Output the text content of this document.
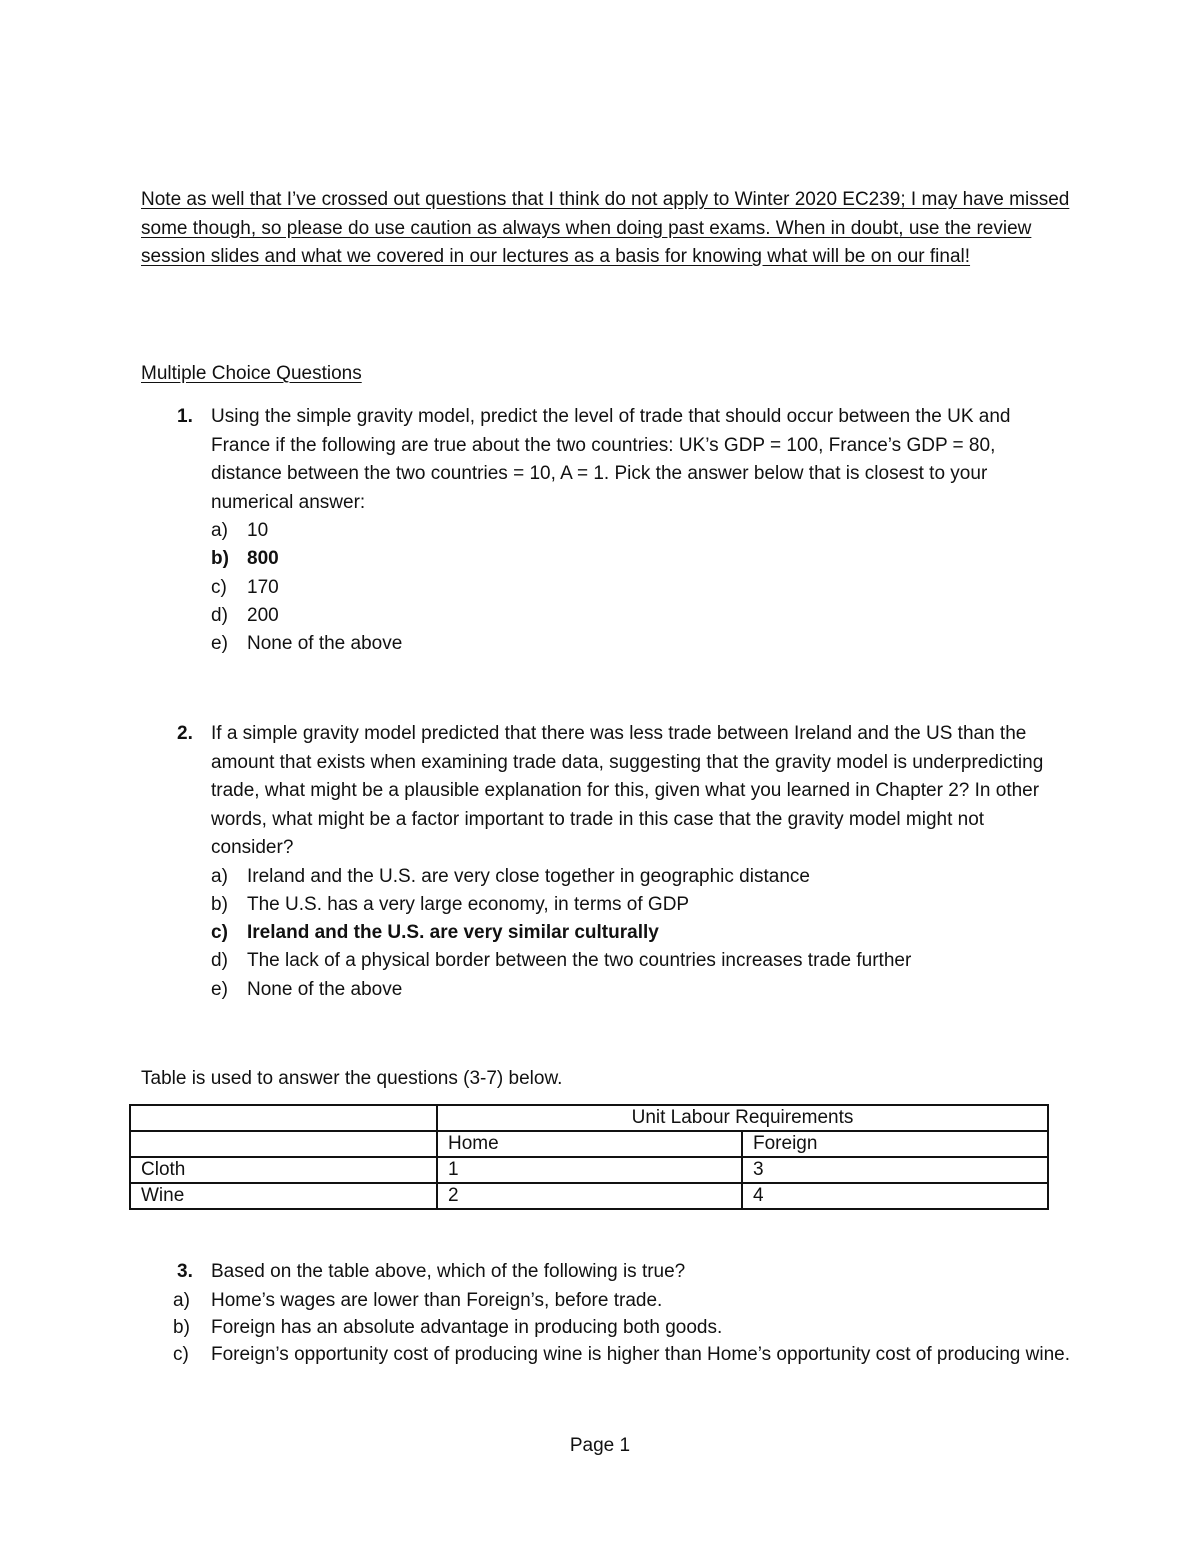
Note as well that I’ve crossed out questions that I think do not apply to Winter 2020 EC239; I may have missed some though, so please do use caution as always when doing past exams. When in doubt, use the review session slides and what we covered in our lectures as a basis for knowing what will be on our final!
Multiple Choice Questions
1. Using the simple gravity model, predict the level of trade that should occur between the UK and France if the following are true about the two countries: UK’s GDP = 100, France’s GDP = 80, distance between the two countries = 10, A = 1. Pick the answer below that is closest to your numerical answer:
a)	10
b) 800
c)	170
d)	200
e)	None of the above
2. If a simple gravity model predicted that there was less trade between Ireland and the US than the amount that exists when examining trade data, suggesting that the gravity model is underpredicting trade, what might be a plausible explanation for this, given what you learned in Chapter 2? In other words, what might be a factor important to trade in this case that the gravity model might not consider?
a)	Ireland and the U.S. are very close together in geographic distance
b)	The U.S. has a very large economy, in terms of GDP
c)	Ireland and the U.S. are very similar culturally
d)	The lack of a physical border between the two countries increases trade further
e)	None of the above
Table is used to answer the questions (3-7) below.
	Unit Labour Requirements	
	Home	Foreign
Cloth	1	3
Wine	2	4
3. Based on the table above, which of the following is true?
a)	Home’s wages are lower than Foreign’s, before trade.
b)	Foreign has an absolute advantage in producing both goods.
c)	Foreign’s opportunity cost of producing wine is higher than Home’s opportunity cost of producing wine.
Page 1
